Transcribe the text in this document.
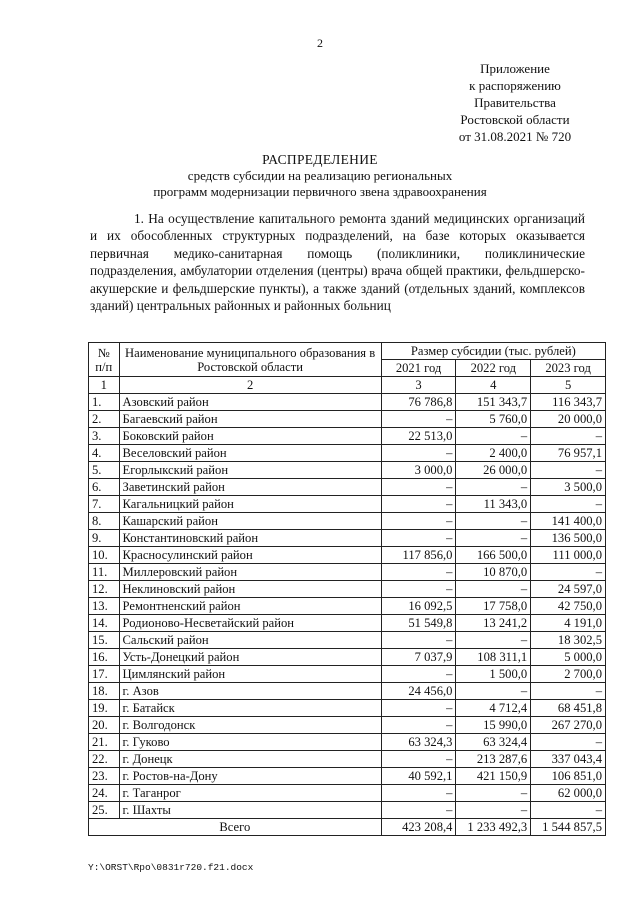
2
Приложение
к распоряжению
Правительства
Ростовской области
от 31.08.2021 № 720
РАСПРЕДЕЛЕНИЕ
средств субсидии на реализацию региональных
программ модернизации первичного звена здравоохранения

1. На осуществление капитального ремонта зданий медицинских организаций и их обособленных структурных подразделений, на базе которых оказывается первичная медико-санитарная помощь (поликлиники, поликлинические подразделения, амбулатории отделения (центры) врача общей практики, фельдшерско-акушерские и фельдшерские пункты), а также зданий (отдельных зданий, комплексов зданий) центральных районных и районных больниц

№ п/п	Наименование муниципального образования в Ростовской области	Размер субсидии (тыс. рублей)		
		2021 год	2022 год	2023 год
1	2	3	4	5
1.	Азовский район	76 786,8	151 343,7	116 343,7
2.	Багаевский район	–	5 760,0	20 000,0
3.	Боковский район	22 513,0	–	–
4.	Веселовский район	–	2 400,0	76 957,1
5.	Егорлыкский район	3 000,0	26 000,0	–
6.	Заветинский район	–	–	3 500,0
7.	Кагальницкий район	–	11 343,0	–
8.	Кашарский район	–	–	141 400,0
9.	Константиновский район	–	–	136 500,0
10.	Красносулинский район	117 856,0	166 500,0	111 000,0
11.	Миллеровский район	–	10 870,0	–
12.	Неклиновский район	–	–	24 597,0
13.	Ремонтненский район	16 092,5	17 758,0	42 750,0
14.	Родионово-Несветайский район	51 549,8	13 241,2	4 191,0
15.	Сальский район	–	–	18 302,5
16.	Усть-Донецкий район	7 037,9	108 311,1	5 000,0
17.	Цимлянский район	–	1 500,0	2 700,0
18.	г. Азов	24 456,0	–	–
19.	г. Батайск	–	4 712,4	68 451,8
20.	г. Волгодонск	–	15 990,0	267 270,0
21.	г. Гуково	63 324,3	63 324,4	–
22.	г. Донецк	–	213 287,6	337 043,4
23.	г. Ростов-на-Дону	40 592,1	421 150,9	106 851,0
24.	г. Таганрог	–	–	62 000,0
25.	г. Шахты	–	–	–
Всего		423 208,4	1 233 492,3	1 544 857,5
Y:\ORST\Rpo\0831r720.f21.docx
